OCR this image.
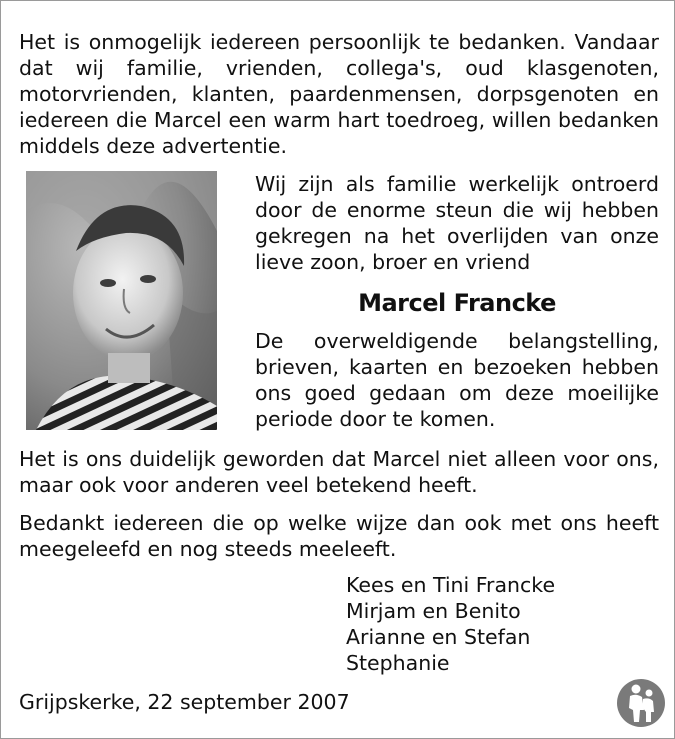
Het is onmogelijk iedereen persoonlijk te bedanken. Vandaar dat wij familie, vrienden, collega's, oud klasgenoten, motorvrienden, klanten, paardenmensen, dorpsgenoten en iedereen die Marcel een warm hart toedroeg, willen bedanken middels deze advertentie.
Wij zijn als familie werkelijk ontroerd door de enorme steun die wij hebben gekregen na het overlijden van onze lieve zoon, broer en vriend
Marcel Francke
De overweldigende belangstelling, brieven, kaarten en bezoeken hebben ons goed gedaan om deze moeilijke periode door te komen.
Het is ons duidelijk geworden dat Marcel niet alleen voor ons, maar ook voor anderen veel betekend heeft.
Bedankt iedereen die op welke wijze dan ook met ons heeft meegeleefd en nog steeds meeleeft.
Kees en Tini Francke
Mirjam en Benito
Arianne en Stefan
Stephanie
Grijpskerke, 22 september 2007
